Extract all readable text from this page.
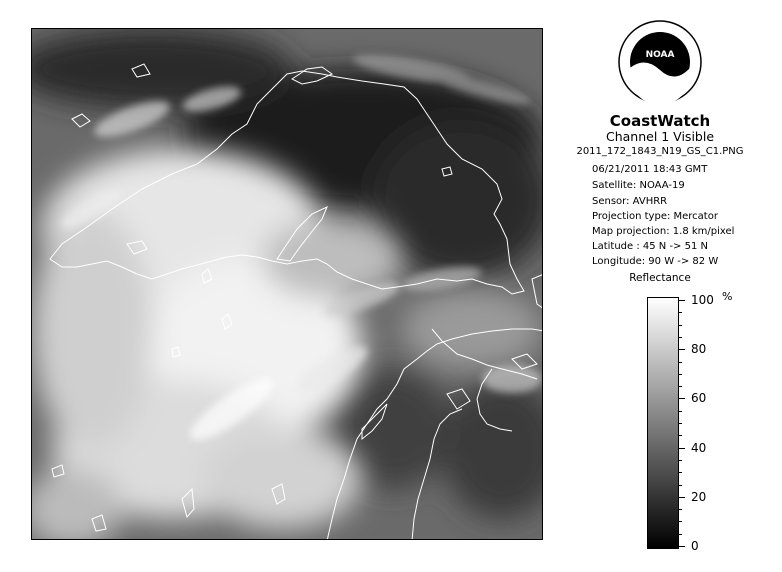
NOAA
CoastWatch
Channel 1 Visible
2011_172_1843_N19_GS_C1.PNG
06/21/2011 18:43 GMT
Satellite: NOAA-19
Sensor: AVHRR
Projection type: Mercator
Map projection: 1.8 km/pixel
Latitude : 45 N -> 51 N
Longitude: 90 W -> 82 W
Reflectance
%
100
80
60
40
20
0
